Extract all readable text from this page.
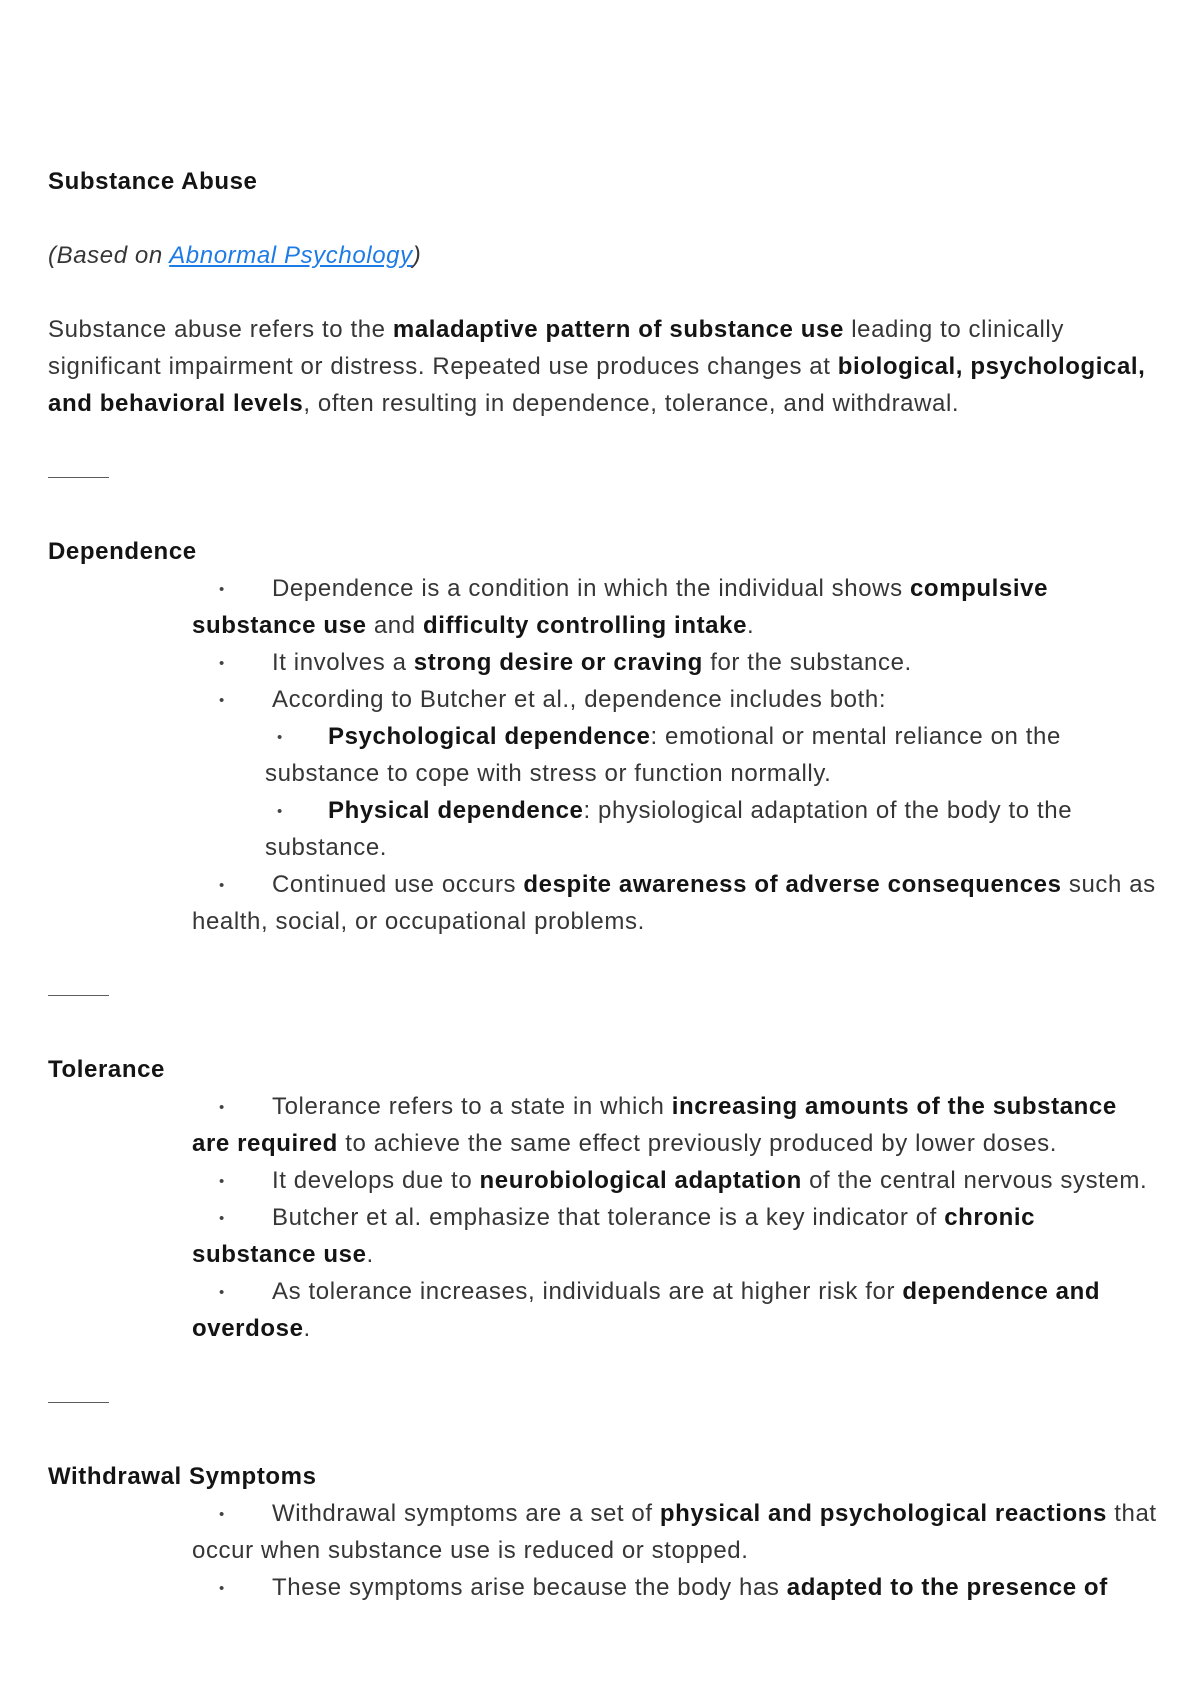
Substance Abuse

(Based on Abnormal Psychology)

Substance abuse refers to the maladaptive pattern of substance use leading to clinically
significant impairment or distress. Repeated use produces changes at biological, psychological,
and behavioral levels, often resulting in dependence, tolerance, and withdrawal.

Dependence

•Dependence is a condition in which the individual shows compulsive
substance use and difficulty controlling intake.

•It involves a strong desire or craving for the substance.

•According to Butcher et al., dependence includes both:

•Psychological dependence: emotional or mental reliance on the
substance to cope with stress or function normally.

•Physical dependence: physiological adaptation of the body to the
substance.

•Continued use occurs despite awareness of adverse consequences such as
health, social, or occupational problems.

Tolerance

•Tolerance refers to a state in which increasing amounts of the substance
are required to achieve the same effect previously produced by lower doses.

•It develops due to neurobiological adaptation of the central nervous system.

•Butcher et al. emphasize that tolerance is a key indicator of chronic
substance use.

•As tolerance increases, individuals are at higher risk for dependence and
overdose.

Withdrawal Symptoms

•Withdrawal symptoms are a set of physical and psychological reactions that
occur when substance use is reduced or stopped.

•These symptoms arise because the body has adapted to the presence of
